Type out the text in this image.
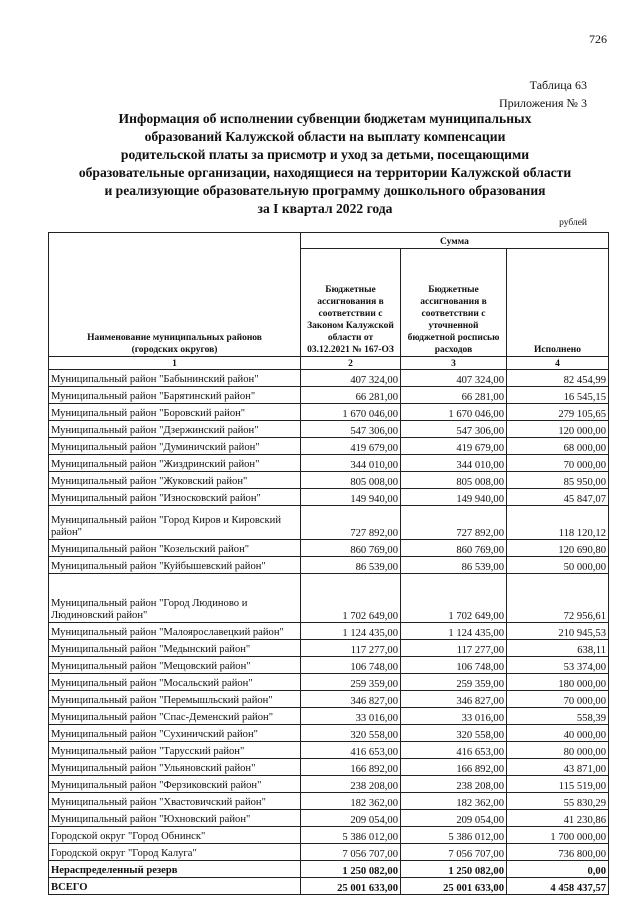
726
Таблица 63
Приложения № 3
Информация об исполнении субвенции бюджетам муниципальных
образований Калужской области на выплату компенсации
родительской платы за присмотр и уход за детьми, посещающими
образовательные организации, находящиеся на территории Калужской области
и реализующие образовательную программу дошкольного образования
за I квартал 2022 года
рублей
Наименование муниципальных районов (городских округов)	Сумма		
	Бюджетные ассигнования в соответствии с Законом Калужской области от 03.12.2021 № 167-ОЗ	Бюджетные ассигнования в соответствии с уточненной бюджетной росписью расходов	Исполнено
1	2	3	4
Муниципальный район "Бабынинский район"	407 324,00	407 324,00	82 454,99
Муниципальный район "Барятинский район"	66 281,00	66 281,00	16 545,15
Муниципальный район "Боровский район"	1 670 046,00	1 670 046,00	279 105,65
Муниципальный район "Дзержинский район"	547 306,00	547 306,00	120 000,00
Муниципальный район "Думиничский район"	419 679,00	419 679,00	68 000,00
Муниципальный район "Жиздринский район"	344 010,00	344 010,00	70 000,00
Муниципальный район "Жуковский район"	805 008,00	805 008,00	85 950,00
Муниципальный район "Износковский район"	149 940,00	149 940,00	45 847,07
Муниципальный район "Город Киров и Кировский район"	727 892,00	727 892,00	118 120,12
Муниципальный район "Козельский район"	860 769,00	860 769,00	120 690,80
Муниципальный район "Куйбышевский район"	86 539,00	86 539,00	50 000,00
Муниципальный район "Город Людиново и Людиновский район"	1 702 649,00	1 702 649,00	72 956,61
Муниципальный район "Малоярославецкий район"	1 124 435,00	1 124 435,00	210 945,53
Муниципальный район "Медынский район"	117 277,00	117 277,00	638,11
Муниципальный район "Мещовский район"	106 748,00	106 748,00	53 374,00
Муниципальный район "Мосальский район"	259 359,00	259 359,00	180 000,00
Муниципальный район "Перемышльский район"	346 827,00	346 827,00	70 000,00
Муниципальный район "Спас-Деменский район"	33 016,00	33 016,00	558,39
Муниципальный район "Сухиничский район"	320 558,00	320 558,00	40 000,00
Муниципальный район "Тарусский район"	416 653,00	416 653,00	80 000,00
Муниципальный район "Ульяновский район"	166 892,00	166 892,00	43 871,00
Муниципальный район "Ферзиковский район"	238 208,00	238 208,00	115 519,00
Муниципальный район "Хвастовичский район"	182 362,00	182 362,00	55 830,29
Муниципальный район "Юхновский район"	209 054,00	209 054,00	41 230,86
Городской округ "Город Обнинск"	5 386 012,00	5 386 012,00	1 700 000,00
Городской округ "Город Калуга"	7 056 707,00	7 056 707,00	736 800,00
Нераспределенный резерв	1 250 082,00	1 250 082,00	0,00
ВСЕГО	25 001 633,00	25 001 633,00	4 458 437,57
